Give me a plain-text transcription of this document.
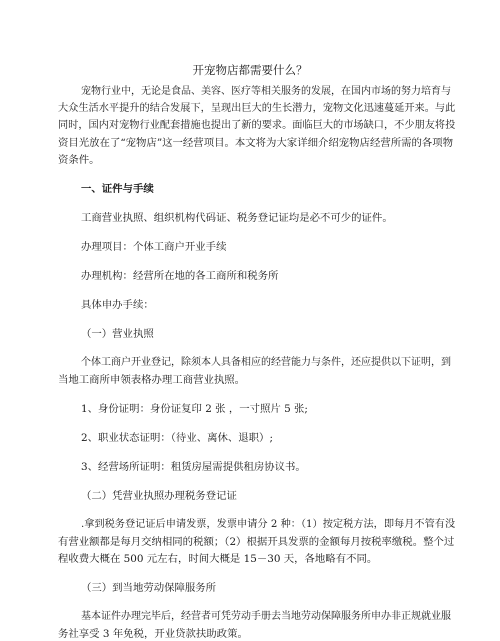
开宠物店都需要什么？

宠物行业中，无论是食品、美容、医疗等相关服务的发展，在国内市场的努力培育与

大众生活水平提升的结合发展下，呈现出巨大的生长潜力，宠物文化迅速蔓延开来。与此

同时，国内对宠物行业配套措施也提出了新的要求。面临巨大的市场缺口，不少朋友将投

资目光放在了“宠物店”这一经营项目。本文将为大家详细介绍宠物店经营所需的各项物

资条件。

一、证件与手续

工商营业执照、组织机构代码证、税务登记证均是必不可少的证件。

办理项目：个体工商户开业手续

办理机构：经营所在地的各工商所和税务所

具体申办手续：

（一）营业执照

个体工商户开业登记，除须本人具备相应的经营能力与条件，还应提供以下证明，到

当地工商所申领表格办理工商营业执照。

1、身份证明：身份证复印 2 张 ，一寸照片 5 张;

2、职业状态证明：（待业、离休、退职）;

3、经营场所证明：租赁房屋需提供租房协议书。

（二）凭营业执照办理税务登记证

.拿到税务登记证后申请发票，发票申请分 2 种：（1）按定税方法，即每月不管有没

有营业额都是每月交纳相同的税额；（2）根据开具发票的金额每月按税率缴税。整个过

程收费大概在 500 元左右，时间大概是 15－30 天，各地略有不同。

（三）到当地劳动保障服务所

基本证件办理完毕后，经营者可凭劳动手册去当地劳动保障服务所申办非正规就业服

务社享受 3 年免税，开业贷款扶助政策。
